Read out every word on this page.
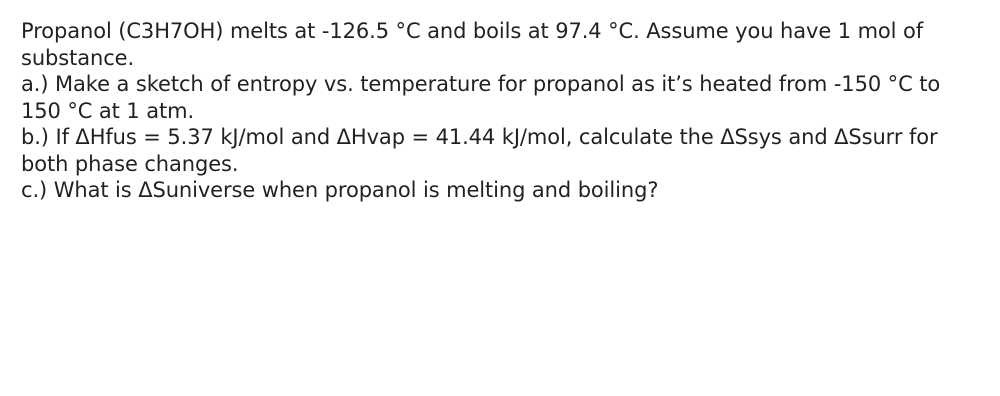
Propanol (C3H7OH) melts at -126.5 °C and boils at 97.4 °C. Assume you have 1 mol of substance.

a.) Make a sketch of entropy vs. temperature for propanol as it’s heated from -150 °C to 150 °C at 1 atm.

b.) If ΔHfus = 5.37 kJ/mol and ΔHvap = 41.44 kJ/mol, calculate the ΔSsys and ΔSsurr for both phase changes.

c.) What is ΔSuniverse when propanol is melting and boiling?
